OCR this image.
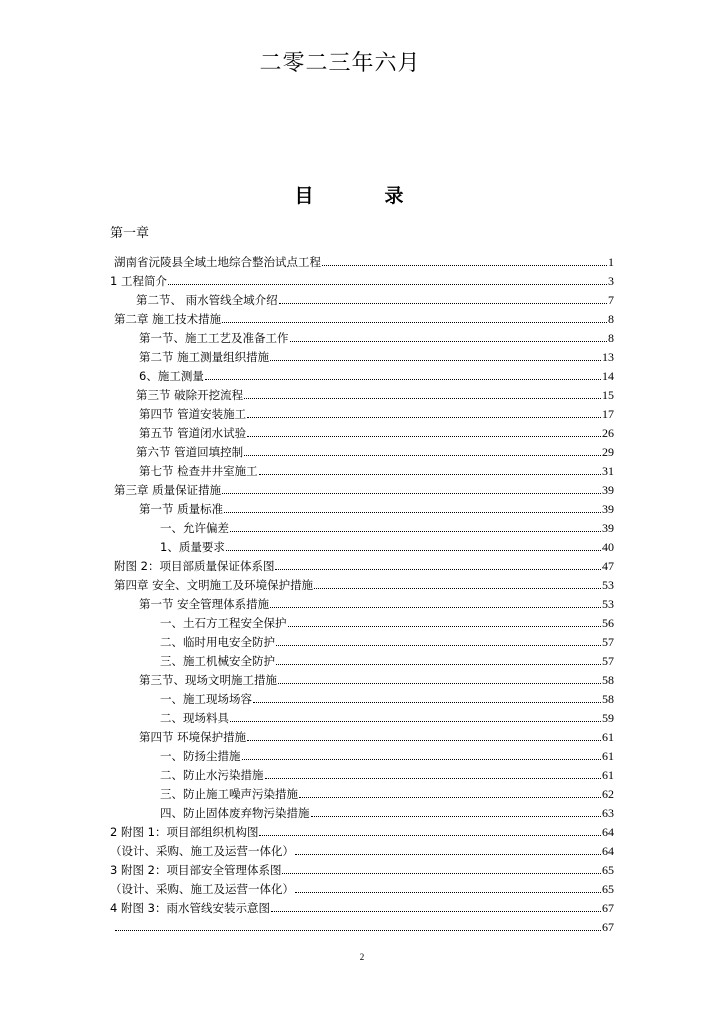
二零二三年六月
目　录
第一章
湖南省沅陵县全域土地综合整治试点工程	1
1 工程简介	3
第二节、 雨水管线全域介绍	7
第二章 施工技术措施	8
第一节、施工工艺及准备工作	8
第二节 施工测量组织措施	13
6、施工测量	14
第三节 破除开挖流程	15
第四节 管道安装施工	17
第五节 管道闭水试验	26
第六节 管道回填控制	29
第七节 检查井井室施工	31
第三章 质量保证措施	39
第一节 质量标准	39
一、允许偏差	39
1、质量要求	40
附图 2：项目部质量保证体系图	47
第四章 安全、文明施工及环境保护措施	53
第一节 安全管理体系措施	53
一、土石方工程安全保护	56
二、临时用电安全防护	57
三、施工机械安全防护	57
第三节、现场文明施工措施	58
一、施工现场场容	58
二、现场料具	59
第四节 环境保护措施	61
一、防扬尘措施	61
二、防止水污染措施	61
三、防止施工噪声污染措施	62
四、防止固体废弃物污染措施	63
2 附图 1：项目部组织机构图	64
（设计、采购、施工及运营一体化）	64
3 附图 2：项目部安全管理体系图	65
（设计、采购、施工及运营一体化）	65
4 附图 3：雨水管线安装示意图	67
67
2
